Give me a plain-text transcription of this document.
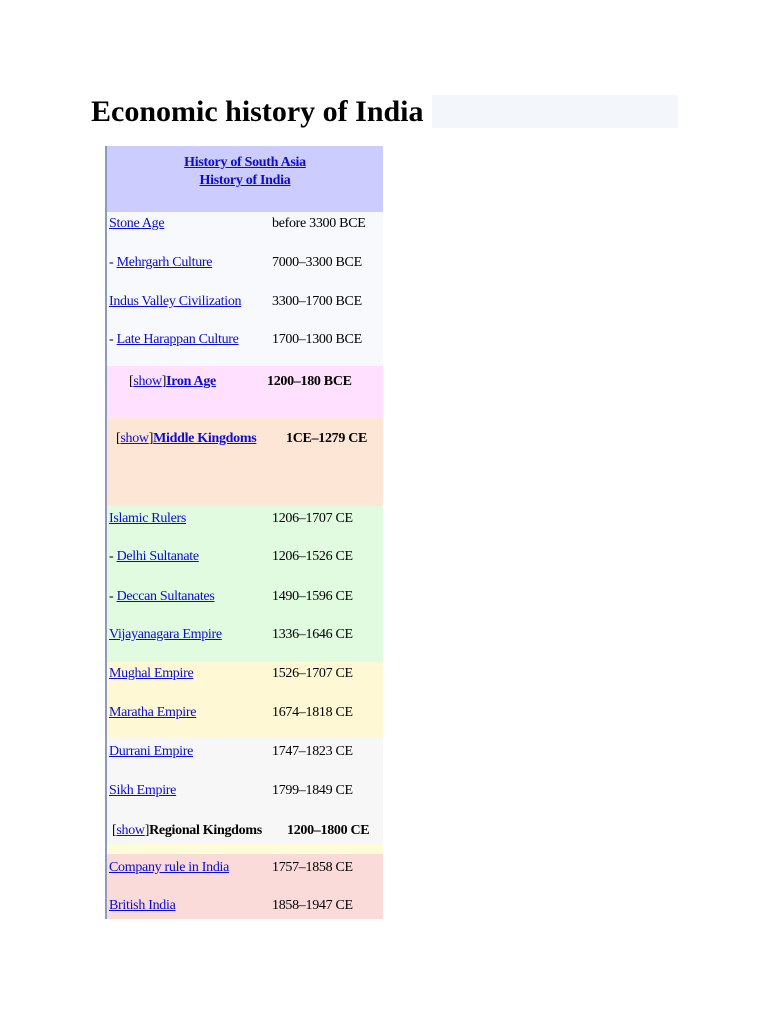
Economic history of India
History of South Asia
History of India
Stone Age	before 3300 BCE
- Mehrgarh Culture	7000–3300 BCE
Indus Valley Civilization 3300–1700 BCE
- Late Harappan Culture 1700–1300 BCE
[show]Iron Age	1200–180 BCE
[show]Middle Kingdoms 1CE–1279 CE
Islamic Rulers	1206–1707 CE
- Delhi Sultanate	1206–1526 CE
- Deccan Sultanates	1490–1596 CE
Vijayanagara Empire	1336–1646 CE
Mughal Empire	1526–1707 CE
Maratha Empire	1674–1818 CE
Durrani Empire	1747–1823 CE
Sikh Empire	1799–1849 CE
[show]Regional Kingdoms 1200–1800 CE
Company rule in India	1757–1858 CE
British India	1858–1947 CE
